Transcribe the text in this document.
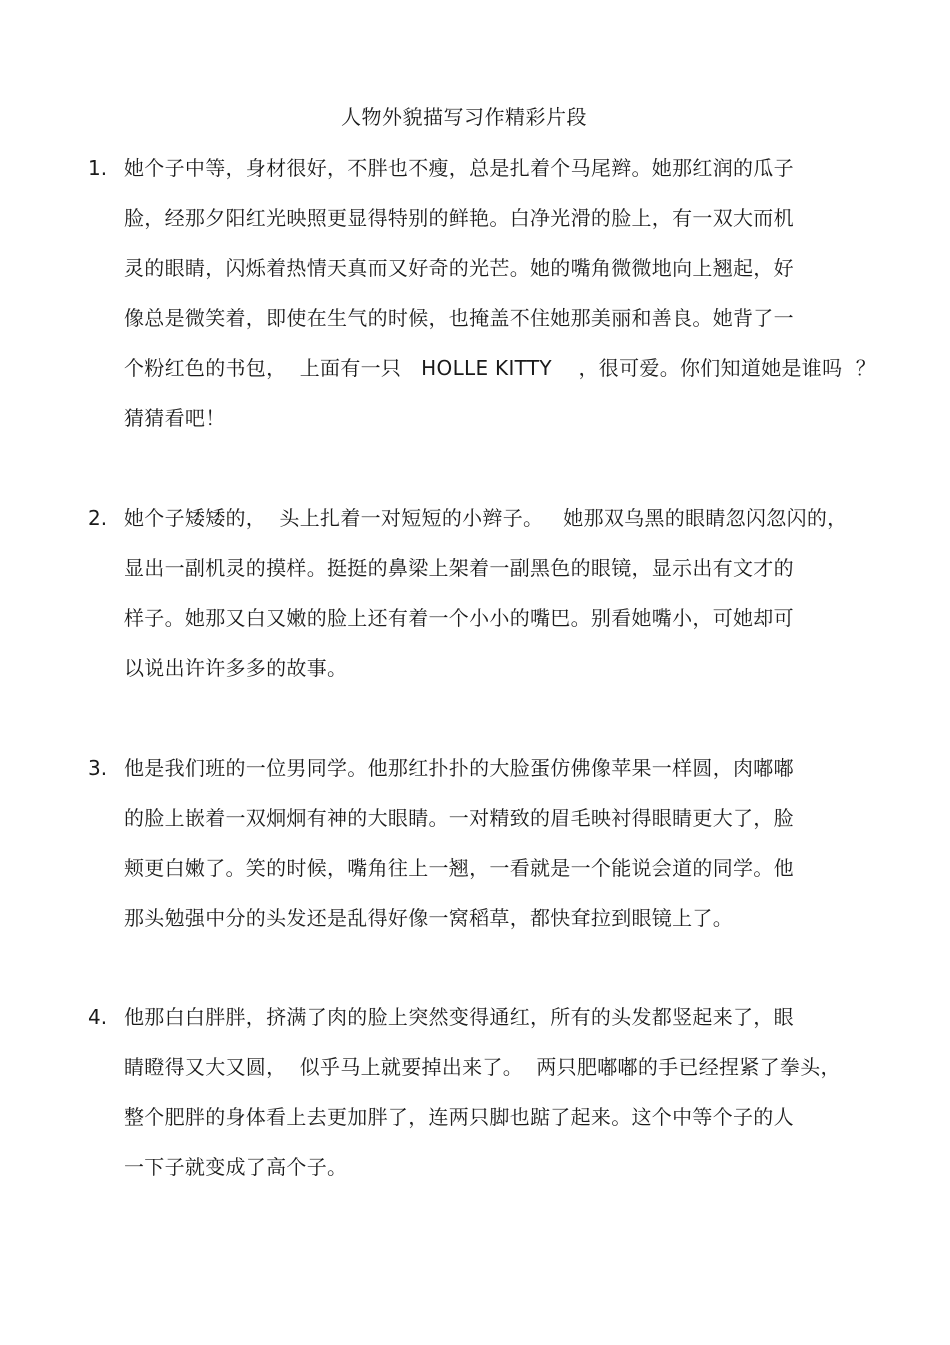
人物外貌描写习作精彩片段
1. 她个子中等，身材很好，不胖也不瘦，总是扎着个马尾辫。她那红润的瓜子
脸，经那夕阳红光映照更显得特别的鲜艳。白净光滑的脸上，有一双大而机
灵的眼睛，闪烁着热情天真而又好奇的光芒。她的嘴角微微地向上翘起，好
像总是微笑着，即使在生气的时候，也掩盖不住她那美丽和善良。她背了一
个粉红色的书包，  上面有一只   HOLLE KITTY    ，很可爱。你们知道她是谁吗  ？
猜猜看吧！
2. 她个子矮矮的，  头上扎着一对短短的小辫子。   她那双乌黑的眼睛忽闪忽闪的，
显出一副机灵的摸样。挺挺的鼻梁上架着一副黑色的眼镜，显示出有文才的
样子。她那又白又嫩的脸上还有着一个小小的嘴巴。别看她嘴小，可她却可
以说出许许多多的故事。
3. 他是我们班的一位男同学。他那红扑扑的大脸蛋仿佛像苹果一样圆，肉嘟嘟
的脸上嵌着一双炯炯有神的大眼睛。一对精致的眉毛映衬得眼睛更大了，脸
颊更白嫩了。笑的时候，嘴角往上一翘，一看就是一个能说会道的同学。他
那头勉强中分的头发还是乱得好像一窝稻草，都快耷拉到眼镜上了。
4. 他那白白胖胖，挤满了肉的脸上突然变得通红，所有的头发都竖起来了，眼
睛瞪得又大又圆，  似乎马上就要掉出来了。  两只肥嘟嘟的手已经捏紧了拳头，
整个肥胖的身体看上去更加胖了，连两只脚也踮了起来。这个中等个子的人
一下子就变成了高个子。
